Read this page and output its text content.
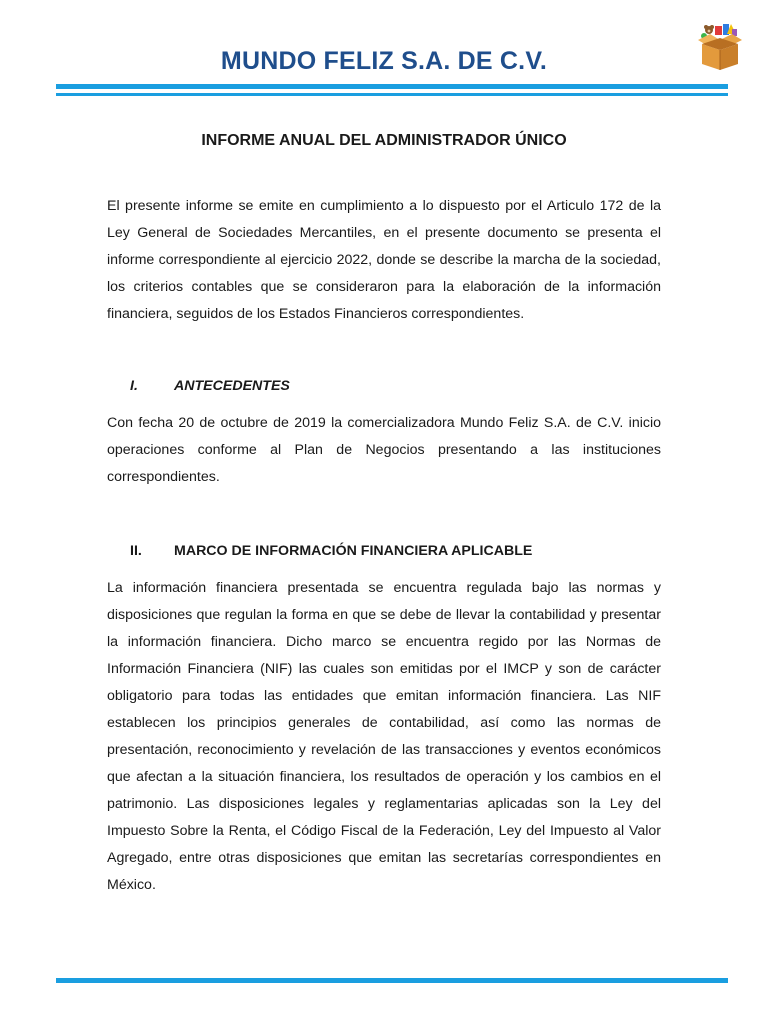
MUNDO FELIZ S.A. DE C.V.
INFORME ANUAL DEL ADMINISTRADOR ÚNICO

El presente informe se emite en cumplimiento a lo dispuesto por el Articulo 172 de la Ley General de Sociedades Mercantiles, en el presente documento se presenta el informe correspondiente al ejercicio 2022, donde se describe la marcha de la sociedad, los criterios contables que se consideraron para la elaboración de la información financiera, seguidos de los Estados Financieros correspondientes.

I.	ANTECEDENTES

Con fecha 20 de octubre de 2019 la comercializadora Mundo Feliz S.A. de C.V. inicio operaciones conforme al Plan de Negocios presentando a las instituciones correspondientes.

II. MARCO DE INFORMACIÓN FINANCIERA APLICABLE

La información financiera presentada se encuentra regulada bajo las normas y disposiciones que regulan la forma en que se debe de llevar la contabilidad y presentar la información financiera. Dicho marco se encuentra regido por las Normas de Información Financiera (NIF) las cuales son emitidas por el IMCP y son de carácter obligatorio para todas las entidades que emitan información financiera. Las NIF establecen los principios generales de contabilidad, así como las normas de presentación, reconocimiento y revelación de las transacciones y eventos económicos que afectan a la situación financiera, los resultados de operación y los cambios en el patrimonio. Las disposiciones legales y reglamentarias aplicadas son la Ley del Impuesto Sobre la Renta, el Código Fiscal de la Federación, Ley del Impuesto al Valor Agregado, entre otras disposiciones que emitan las secretarías correspondientes en México.
